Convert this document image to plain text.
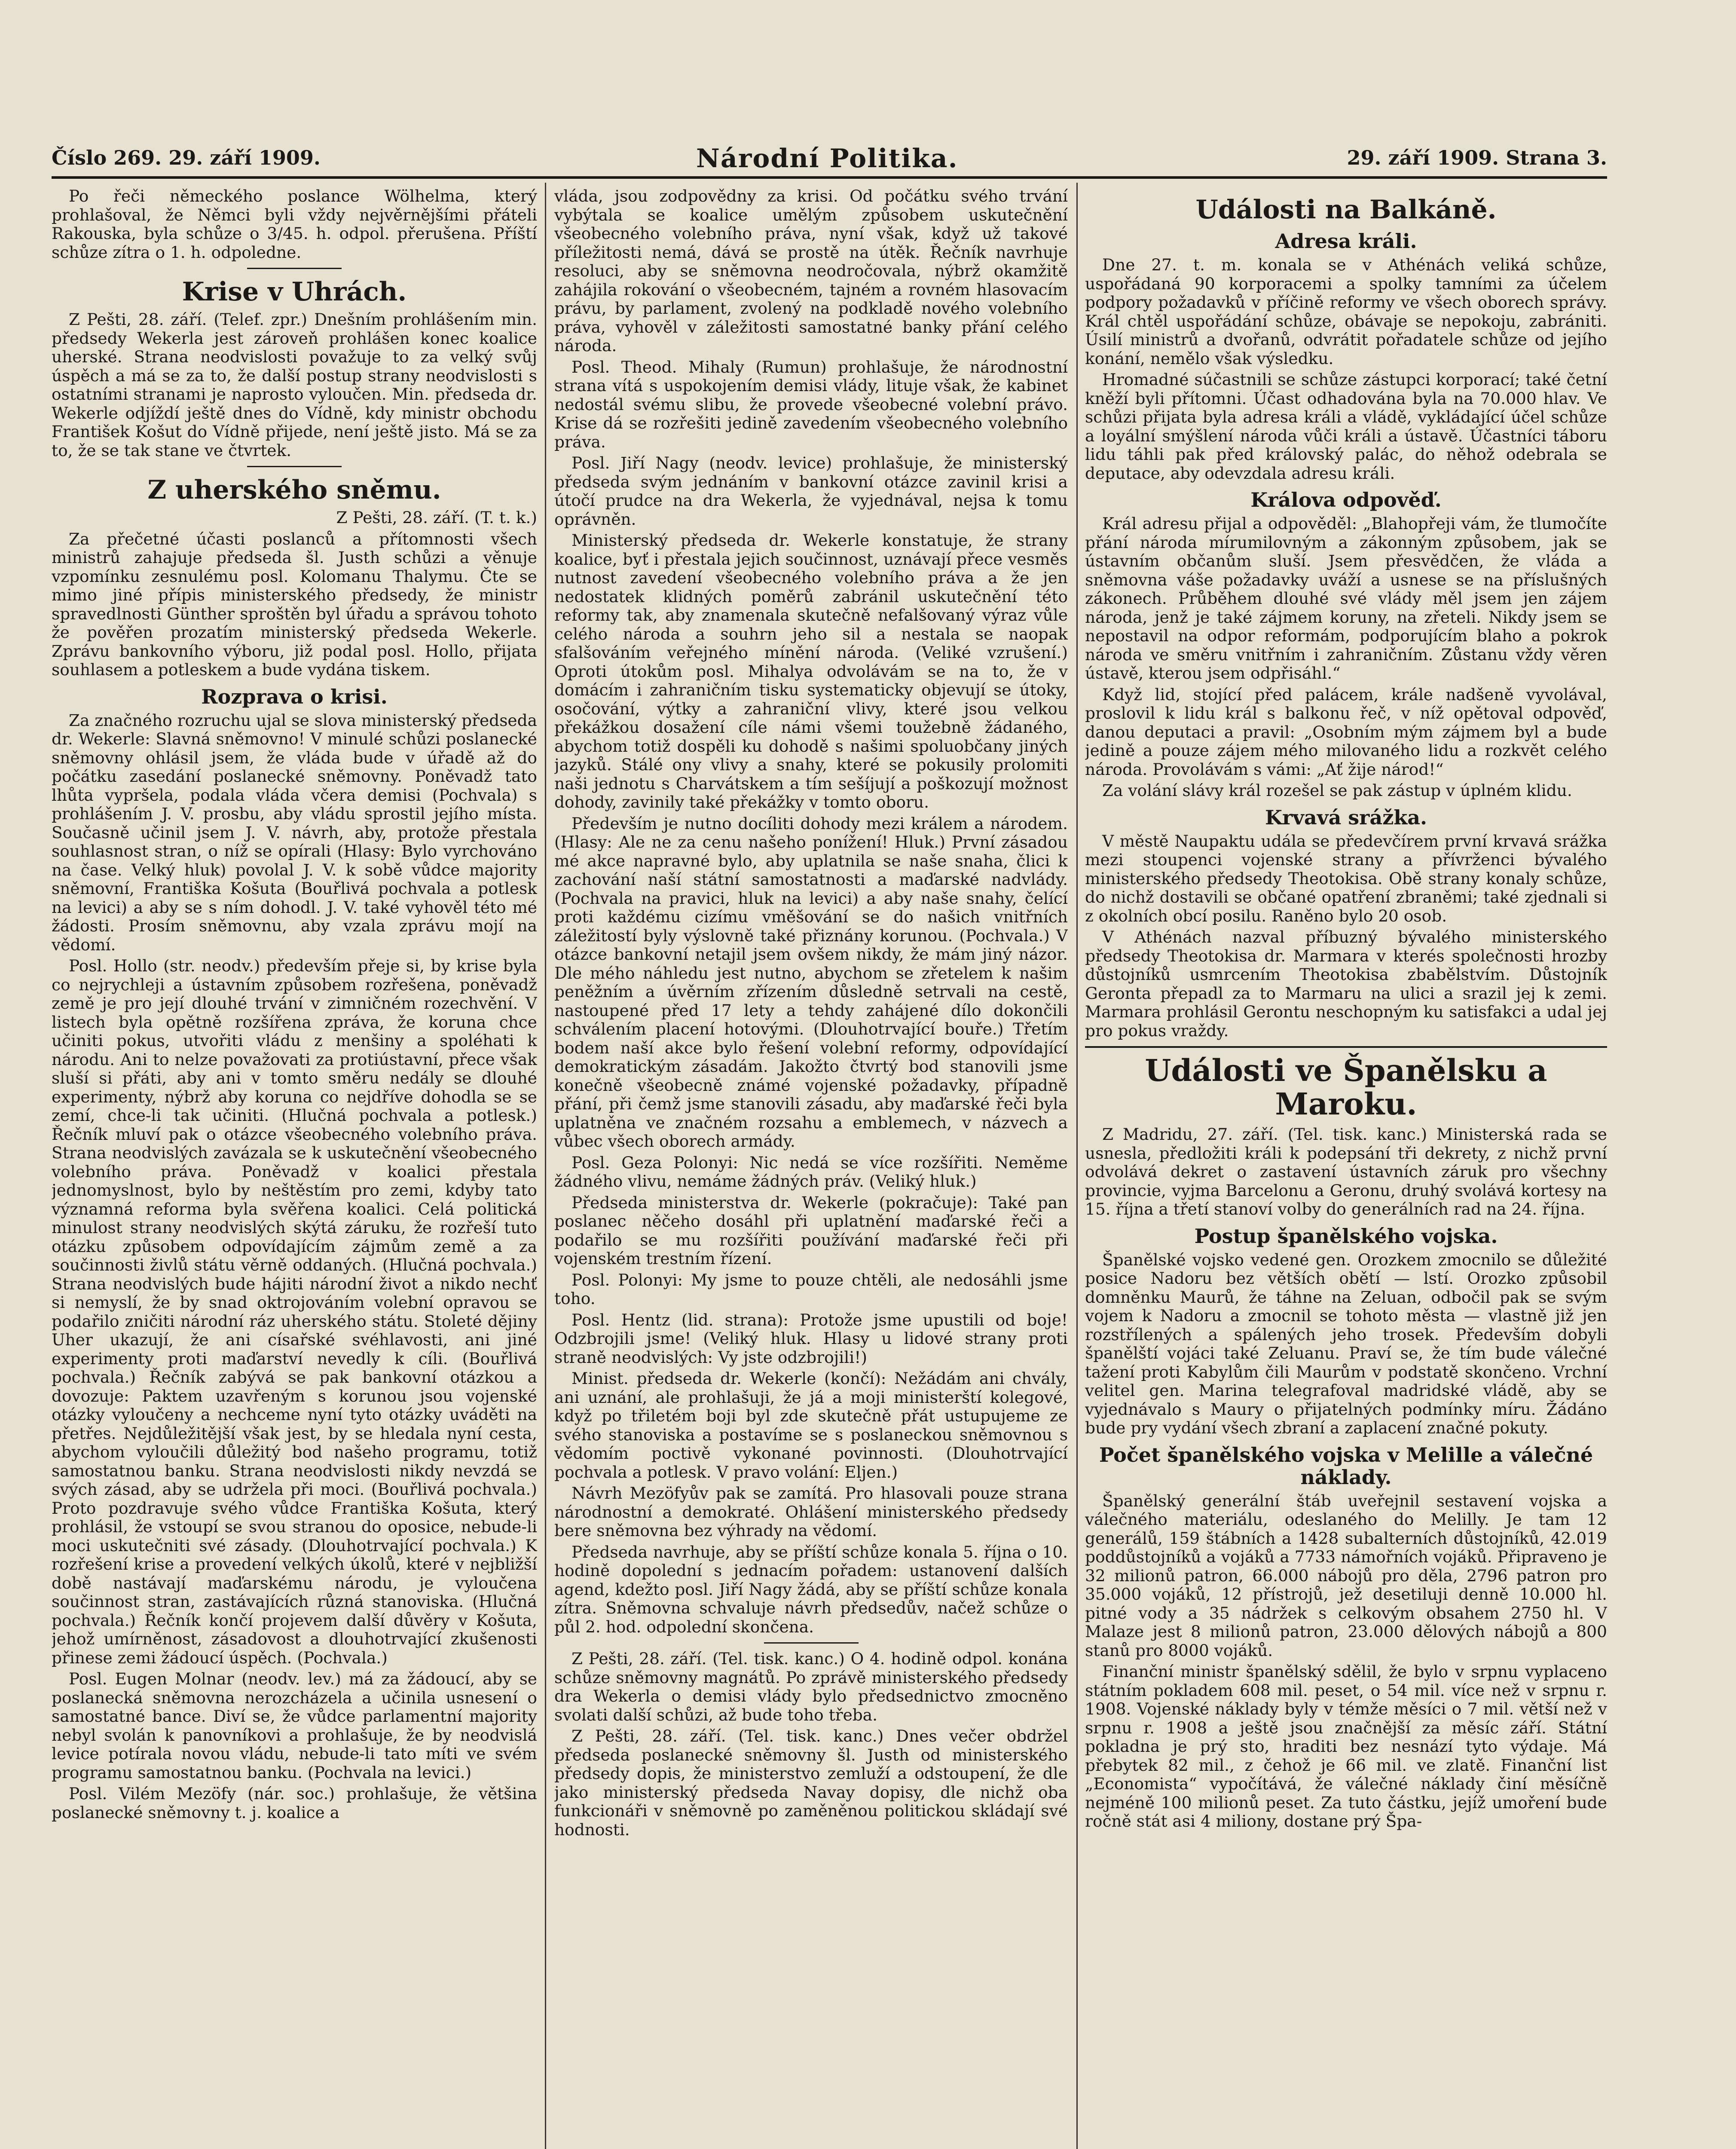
Číslo 269. 29. září 1909.	Národní Politika.	29. září 1909. Strana 3.

Po řeči německého poslance Wölhelma, který prohlašoval, že Němci byli vždy nejvěrnějšími přáteli Rakouska, byla schůze o 3/45. h. odpol. přerušena. Příští schůze zítra o 1. h. odpoledne.

Krise v Uhrách.

Z Pešti, 28. září. (Telef. zpr.) Dnešním prohlášením min. předsedy Wekerla jest zároveň prohlášen konec koalice uherské. Strana neodvislosti považuje to za velký svůj úspěch a má se za to, že další postup strany neodvislosti s ostatními stranami je naprosto vyloučen. Min. předseda dr. Wekerle odjíždí ještě dnes do Vídně, kdy ministr obchodu František Košut do Vídně přijede, není ještě jisto. Má se za to, že se tak stane ve čtvrtek.

Z uherského sněmu.
Z Pešti, 28. září. (T. t. k.)

Za přečetné účasti poslanců a přítomnosti všech ministrů zahajuje předseda šl. Justh schůzi a věnuje vzpomínku zesnulému posl. Kolomanu Thalymu. Čte se mimo jiné přípis ministerského předsedy, že ministr spravedlnosti Günther sproštěn byl úřadu a správou tohoto že pověřen prozatím ministerský předseda Wekerle. Zprávu bankovního výboru, již podal posl. Hollo, přijata souhlasem a potleskem a bude vydána tiskem.

Rozprava o krisi.

Za značného rozruchu ujal se slova ministerský předseda dr. Wekerle: Slavná sněmovno! V minulé schůzi poslanecké sněmovny ohlásil jsem, že vláda bude v úřadě až do počátku zasedání poslanecké sněmovny. Poněvadž tato lhůta vypršela, podala vláda včera demisi (Pochvala) s prohlášením J. V. prosbu, aby vládu sprostil jejího místa. Současně učinil jsem J. V. návrh, aby, protože přestala souhlasnost stran, o níž se opírali (Hlasy: Bylo vyrchováno na čase. Velký hluk) povolal J. V. k sobě vůdce majority sněmovní, Františka Košuta (Bouřlivá pochvala a potlesk na levici) a aby se s ním dohodl. J. V. také vyhověl této mé žádosti. Prosím sněmovnu, aby vzala zprávu mojí na vědomí.

Posl. Hollo (str. neodv.) především přeje si, by krise byla co nejrychleji a ústavním způsobem rozřešena, poněvadž země je pro její dlouhé trvání v zimničném rozechvění. V listech byla opětně rozšířena zpráva, že koruna chce učiniti pokus, utvořiti vládu z menšiny a spoléhati k národu. Ani to nelze považovati za protiústavní, přece však sluší si přáti, aby ani v tomto směru nedály se dlouhé experimenty, nýbrž aby koruna co nejdříve dohodla se se zemí, chce-li tak učiniti. (Hlučná pochvala a potlesk.) Řečník mluví pak o otázce všeobecného volebního práva. Strana neodvislých zavázala se k uskutečnění všeobecného volebního práva. Poněvadž v koalici přestala jednomyslnost, bylo by neštěstím pro zemi, kdyby tato významná reforma byla svěřena koalici. Celá politická minulost strany neodvislých skýtá záruku, že rozřeší tuto otázku způsobem odpovídajícím zájmům země a za součinnosti živlů státu věrně oddaných. (Hlučná pochvala.) Strana neodvislých bude hájiti národní život a nikdo nechť si nemyslí, že by snad oktrojováním volební opravou se podařilo zničiti národní ráz uherského státu. Stoleté dějiny Uher ukazují, že ani císařské svéhlavosti, ani jiné experimenty proti maďarství nevedly k cíli. (Bouřlivá pochvala.) Řečník zabývá se pak bankovní otázkou a dovozuje: Paktem uzavřeným s korunou jsou vojenské otázky vyloučeny a nechceme nyní tyto otázky uváděti na přetřes. Nejdůležitější však jest, by se hledala nyní cesta, abychom vyloučili důležitý bod našeho programu, totiž samostatnou banku. Strana neodvislosti nikdy nevzdá se svých zásad, aby se udržela při moci. (Bouřlivá pochvala.) Proto pozdravuje svého vůdce Františka Košuta, který prohlásil, že vstoupí se svou stranou do oposice, nebude-li moci uskutečniti své zásady. (Dlouhotrvající pochvala.) K rozřešení krise a provedení velkých úkolů, které v nejbližší době nastávají maďarskému národu, je vyloučena součinnost stran, zastávajících různá stanoviska. (Hlučná pochvala.) Řečník končí projevem další důvěry v Košuta, jehož umírněnost, zásadovost a dlouhotrvající zkušenosti přinese zemi žádoucí úspěch. (Pochvala.)

Posl. Eugen Molnar (neodv. lev.) má za žádoucí, aby se poslanecká sněmovna nerozcházela a učinila usnesení o samostatné bance. Diví se, že vůdce parlamentní majority nebyl svolán k panovníkovi a prohlašuje, že by neodvislá levice potírala novou vládu, nebude-li tato míti ve svém programu samostatnou banku. (Pochvala na levici.)

Posl. Vilém Mezöfy (nár. soc.) prohlašuje, že většina poslanecké sněmovny t. j. koalice a

vláda, jsou zodpovědny za krisi. Od počátku svého trvání vybýtala se koalice umělým způsobem uskutečnění všeobecného volebního práva, nyní však, když už takové příležitosti nemá, dává se prostě na útěk. Řečník navrhuje resoluci, aby se sněmovna neodročovala, nýbrž okamžitě zahájila rokování o všeobecném, tajném a rovném hlasovacím právu, by parlament, zvolený na podkladě nového volebního práva, vyhověl v záležitosti samostatné banky přání celého národa.

Posl. Theod. Mihaly (Rumun) prohlašuje, že národnostní strana vítá s uspokojením demisi vlády, lituje však, že kabinet nedostál svému slibu, že provede všeobecné volební právo. Krise dá se rozřešiti jedině zavedením všeobecného volebního práva.

Posl. Jiří Nagy (neodv. levice) prohlašuje, že ministerský předseda svým jednáním v bankovní otázce zavinil krisi a útočí prudce na dra Wekerla, že vyjednával, nejsa k tomu oprávněn.

Ministerský předseda dr. Wekerle konstatuje, že strany koalice, byť i přestala jejich součinnost, uznávají přece vesměs nutnost zavedení všeobecného volebního práva a že jen nedostatek klidných poměrů zabránil uskutečnění této reformy tak, aby znamenala skutečně nefalšovaný výraz vůle celého národa a souhrn jeho sil a nestala se naopak sfalšováním veřejného mínění národa. (Veliké vzrušení.) Oproti útokům posl. Mihalya odvolávám se na to, že v domácím i zahraničním tisku systematicky objevují se útoky, osočování, výtky a zahraniční vlivy, které jsou velkou překážkou dosažení cíle námi všemi toužebně žádaného, abychom totiž dospěli ku dohodě s našimi spoluobčany jiných jazyků. Stálé ony vlivy a snahy, které se pokusily prolomiti naši jednotu s Charvátskem a tím sešíjují a poškozují možnost dohody, zavinily také překážky v tomto oboru.

Především je nutno docíliti dohody mezi králem a národem. (Hlasy: Ale ne za cenu našeho ponížení! Hluk.) První zásadou mé akce napravné bylo, aby uplatnila se naše snaha, člici k zachování naší státní samostatnosti a maďarské nadvlády. (Pochvala na pravici, hluk na levici) a aby naše snahy, čelící proti každému cizímu vměšování se do našich vnitřních záležitostí byly výslovně také přiznány korunou. (Pochvala.) V otázce bankovní netajil jsem ovšem nikdy, že mám jiný názor. Dle mého náhledu jest nutno, abychom se zřetelem k našim peněžním a úvěrním zřízením důsledně setrvali na cestě, nastoupené před 17 lety a tehdy zahájené dílo dokončili schválením placení hotovými. (Dlouhotrvající bouře.) Třetím bodem naší akce bylo řešení volební reformy, odpovídající demokratickým zásadám. Jakožto čtvrtý bod stanovili jsme konečně všeobecně známé vojenské požadavky, případně přání, při čemž jsme stanovili zásadu, aby maďarské řeči byla uplatněna ve značném rozsahu a emblemech, v názvech a vůbec všech oborech armády.

Posl. Geza Polonyi: Nic nedá se více rozšířiti. Neměme žádného vlivu, nemáme žádných práv. (Veliký hluk.)

Předseda ministerstva dr. Wekerle (pokračuje): Také pan poslanec něčeho dosáhl při uplatnění maďarské řeči a podařilo se mu rozšířiti používání maďarské řeči při vojenském trestním řízení.

Posl. Polonyi: My jsme to pouze chtěli, ale nedosáhli jsme toho.

Posl. Hentz (lid. strana): Protože jsme upustili od boje! Odzbrojili jsme! (Veliký hluk. Hlasy u lidové strany proti straně neodvislých: Vy jste odzbrojili!)

Minist. předseda dr. Wekerle (končí): Nežádám ani chvály, ani uznání, ale prohlašuji, že já a moji ministerští kolegové, když po třiletém boji byl zde skutečně přát ustupujeme ze svého stanoviska a postavíme se s poslaneckou sněmovnou s vědomím poctivě vykonané povinnosti. (Dlouhotrvající pochvala a potlesk. V pravo volání: Eljen.)

Návrh Mezöfyův pak se zamítá. Pro hlasovali pouze strana národnostní a demokraté. Ohlášení ministerského předsedy bere sněmovna bez výhrady na vědomí.

Předseda navrhuje, aby se příští schůze konala 5. října o 10. hodině dopolední s jednacím pořadem: ustanovení dalších agend, kdežto posl. Jiří Nagy žádá, aby se příští schůze konala zítra. Sněmovna schvaluje návrh předsedův, načež schůze o půl 2. hod. odpolední skončena.

Z Pešti, 28. září. (Tel. tisk. kanc.) O 4. hodině odpol. konána schůze sněmovny magnátů. Po zprávě ministerského předsedy dra Wekerla o demisi vlády bylo předsednictvo zmocněno svolati další schůzi, až bude toho třeba.

Z Pešti, 28. září. (Tel. tisk. kanc.) Dnes večer obdržel předseda poslanecké sněmovny šl. Justh od ministerského předsedy dopis, že ministerstvo zemluží a odstoupení, že dle jako ministerský předseda Navay dopisy, dle nichž oba funkcionáři v sněmovně po zaměněnou politickou skládají své hodnosti.

Události na Balkáně.
Adresa králi.

Dne 27. t. m. konala se v Athénách veliká schůze, uspořádaná 90 korporacemi a spolky tamními za účelem podpory požadavků v příčině reformy ve všech oborech správy. Král chtěl uspořádání schůze, obávaje se nepokoju, zabrániti. Úsilí ministrů a dvořanů, odvrátit pořadatele schůze od jejího konání, nemělo však výsledku.

Hromadné súčastnili se schůze zástupci korporací; také četní kněží byli přítomni. Účast odhadována byla na 70.000 hlav. Ve schůzi přijata byla adresa králi a vládě, vykládající účel schůze a loyální smýšlení národa vůči králi a ústavě. Účastníci táboru lidu táhli pak před královský palác, do něhož odebrala se deputace, aby odevzdala adresu králi.

Králova odpověď.

Král adresu přijal a odpověděl: „Blahopřeji vám, že tlumočíte přání národa mírumilovným a zákonným způsobem, jak se ústavním občanům sluší. Jsem přesvědčen, že vláda a sněmovna váše požadavky uváží a usnese se na příslušných zákonech. Průběhem dlouhé své vlády měl jsem jen zájem národa, jenž je také zájmem koruny, na zřeteli. Nikdy jsem se nepostavil na odpor reformám, podporujícím blaho a pokrok národa ve směru vnitřním i zahraničním. Zůstanu vždy věren ústavě, kterou jsem odpřisáhl.“

Když lid, stojící před palácem, krále nadšeně vyvolával, proslovil k lidu král s balkonu řeč, v níž opětoval odpověď, danou deputaci a pravil: „Osobním mým zájmem byl a bude jedině a pouze zájem mého milovaného lidu a rozkvět celého národa. Provolávám s vámi: „Ať žije národ!“

Za volání slávy král rozešel se pak zástup v úplném klidu.

Krvavá srážka.

V městě Naupaktu udála se předevčírem první krvavá srážka mezi stoupenci vojenské strany a přívrženci bývalého ministerského předsedy Theotokisa. Obě strany konaly schůze, do nichž dostavili se občané opatření zbraněmi; také zjednali si z okolních obcí posilu. Raněno bylo 20 osob.

V Athénách nazval příbuzný bývalého ministerského předsedy Theotokisa dr. Marmara v kterés společnosti hrozby důstojníků usmrcením Theotokisa zbabělstvím. Důstojník Geronta přepadl za to Marmaru na ulici a srazil jej k zemi. Marmara prohlásil Gerontu neschopným ku satisfakci a udal jej pro pokus vraždy.

Události ve Španělsku a Maroku.

Z Madridu, 27. září. (Tel. tisk. kanc.) Ministerská rada se usnesla, předložiti králi k podepsání tři dekrety, z nichž první odvolává dekret o zastavení ústavních záruk pro všechny provincie, vyjma Barcelonu a Geronu, druhý svolává kortesy na 15. října a třetí stanoví volby do generálních rad na 24. října.

Postup španělského vojska.

Španělské vojsko vedené gen. Orozkem zmocnilo se důležité posice Nadoru bez větších obětí — lstí. Orozko způsobil domněnku Maurů, že táhne na Zeluan, odbočil pak se svým vojem k Nadoru a zmocnil se tohoto města — vlastně již jen rozstřílených a spálených jeho trosek. Především dobyli španělští vojáci také Zeluanu. Praví se, že tím bude válečné tažení proti Kabylům čili Maurům v podstatě skončeno. Vrchní velitel gen. Marina telegrafoval madridské vládě, aby se vyjednávalo s Maury o přijatelných podmínky míru. Žádáno bude pry vydání všech zbraní a zaplacení značné pokuty.

Počet španělského vojska v Melille a válečné náklady.

Španělský generální štáb uveřejnil sestavení vojska a válečného materiálu, odeslaného do Melilly. Je tam 12 generálů, 159 štábních a 1428 subalterních důstojníků, 42.019 poddůstojníků a vojáků a 7733 námořních vojáků. Připraveno je 32 milionů patron, 66.000 nábojů pro děla, 2796 patron pro 35.000 vojáků, 12 přístrojů, jež desetiluji denně 10.000 hl. pitné vody a 35 nádržek s celkovým obsahem 2750 hl. V Malaze jest 8 milionů patron, 23.000 dělových nábojů a 800 stanů pro 8000 vojáků.

Finanční ministr španělský sdělil, že bylo v srpnu vyplaceno státním pokladem 608 mil. peset, o 54 mil. více než v srpnu r. 1908. Vojenské náklady byly v témže měsíci o 7 mil. větší než v srpnu r. 1908 a ještě jsou značnější za měsíc září. Státní pokladna je prý sto, hraditi bez nesnází tyto výdaje. Má přebytek 82 mil., z čehož je 66 mil. ve zlatě. Finanční list „Economista“ vypočítává, že válečné náklady činí měsíčně nejméně 100 milionů peset. Za tuto částku, jejíž umoření bude ročně stát asi 4 miliony, dostane prý Špa-
